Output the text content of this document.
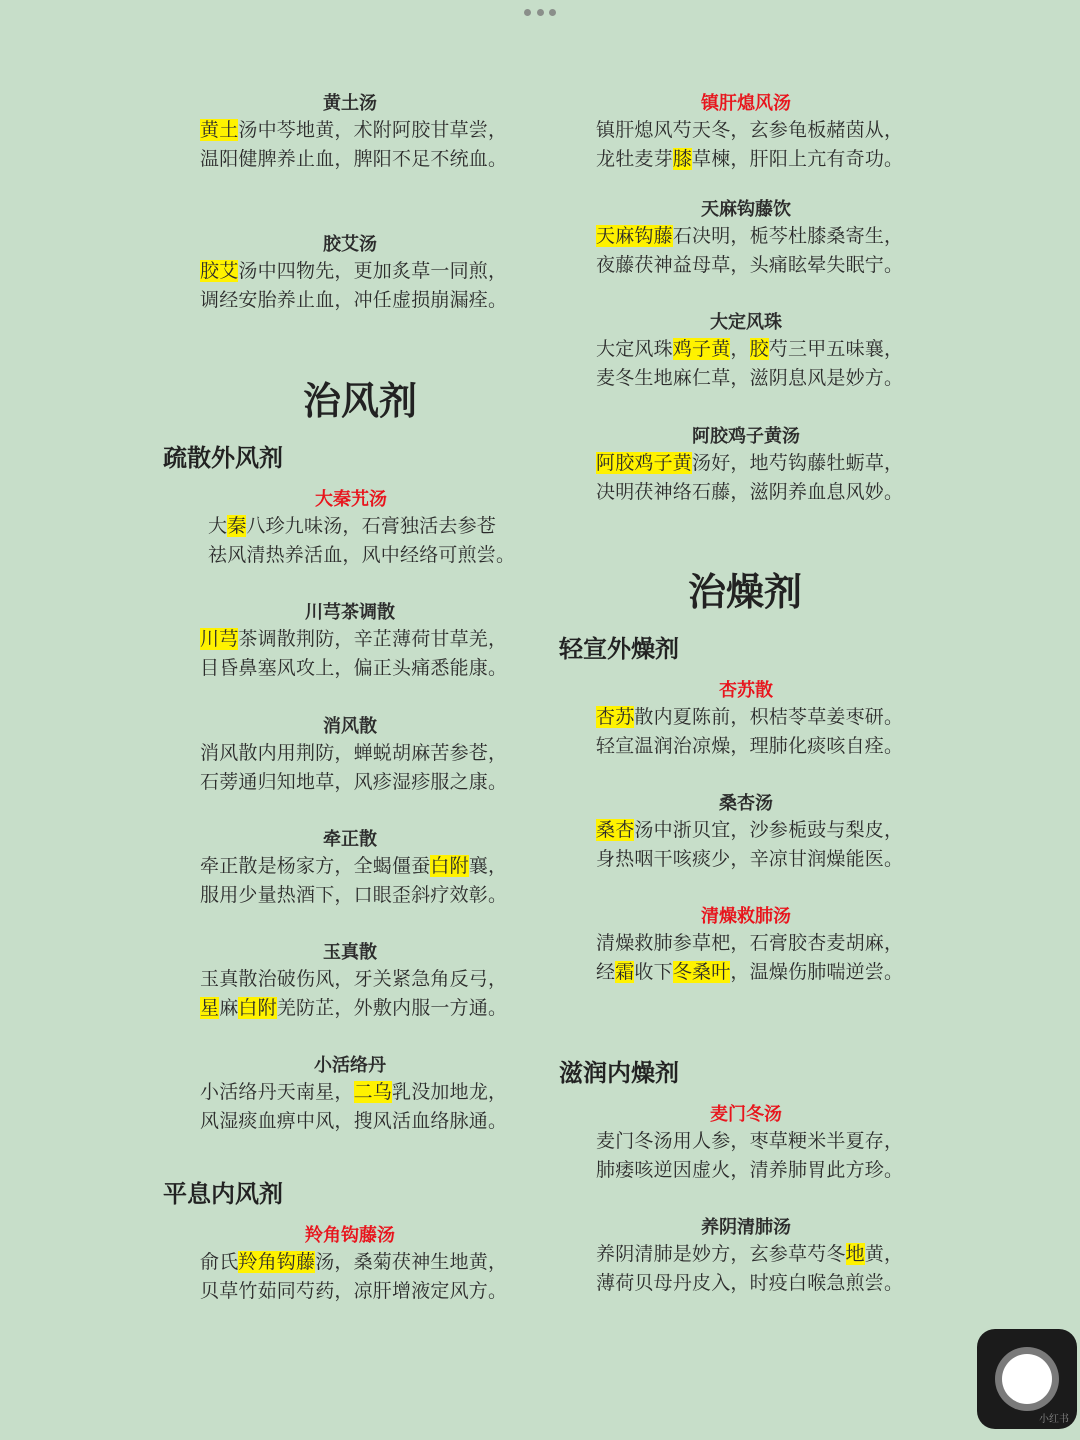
黄土汤
黄土汤中芩地黄，术附阿胶甘草尝，
温阳健脾养止血，脾阳不足不统血。
胶艾汤
胶艾汤中四物先，更加炙草一同煎，
调经安胎养止血，冲任虚损崩漏痊。
治风剂
疏散外风剂
大秦艽汤
大秦八珍九味汤，石膏独活去参苍
祛风清热养活血，风中经络可煎尝。
川芎茶调散
川芎茶调散荆防，辛芷薄荷甘草羌，
目昏鼻塞风攻上，偏正头痛悉能康。
消风散
消风散内用荆防，蝉蜕胡麻苦参苍，
石蒡通归知地草，风疹湿疹服之康。
牵正散
牵正散是杨家方，全蝎僵蚕白附襄，
服用少量热酒下，口眼歪斜疗效彰。
玉真散
玉真散治破伤风，牙关紧急角反弓，
星麻白附羌防芷，外敷内服一方通。
小活络丹
小活络丹天南星，二乌乳没加地龙，
风湿痰血痹中风，搜风活血络脉通。
平息内风剂
羚角钩藤汤
俞氏羚角钩藤汤，桑菊茯神生地黄，
贝草竹茹同芍药，凉肝增液定风方。
镇肝熄风汤
镇肝熄风芍天冬，玄参龟板赭茵从，
龙牡麦芽膝草楝，肝阳上亢有奇功。
天麻钩藤饮
天麻钩藤石决明，栀芩杜膝桑寄生，
夜藤茯神益母草，头痛眩晕失眠宁。
大定风珠
大定风珠鸡子黄，胶芍三甲五味襄，
麦冬生地麻仁草，滋阴息风是妙方。
阿胶鸡子黄汤
阿胶鸡子黄汤好，地芍钩藤牡蛎草，
决明茯神络石藤，滋阴养血息风妙。
治燥剂
轻宣外燥剂
杏苏散
杏苏散内夏陈前，枳桔苓草姜枣研。
轻宣温润治凉燥，理肺化痰咳自痊。
桑杏汤
桑杏汤中浙贝宜，沙参栀豉与梨皮，
身热咽干咳痰少，辛凉甘润燥能医。
清燥救肺汤
清燥救肺参草杷，石膏胶杏麦胡麻，
经霜收下冬桑叶，温燥伤肺喘逆尝。
滋润内燥剂
麦门冬汤
麦门冬汤用人参，枣草粳米半夏存，
肺痿咳逆因虚火，清养肺胃此方珍。
养阴清肺汤
养阴清肺是妙方，玄参草芍冬地黄，
薄荷贝母丹皮入，时疫白喉急煎尝。
小红书
